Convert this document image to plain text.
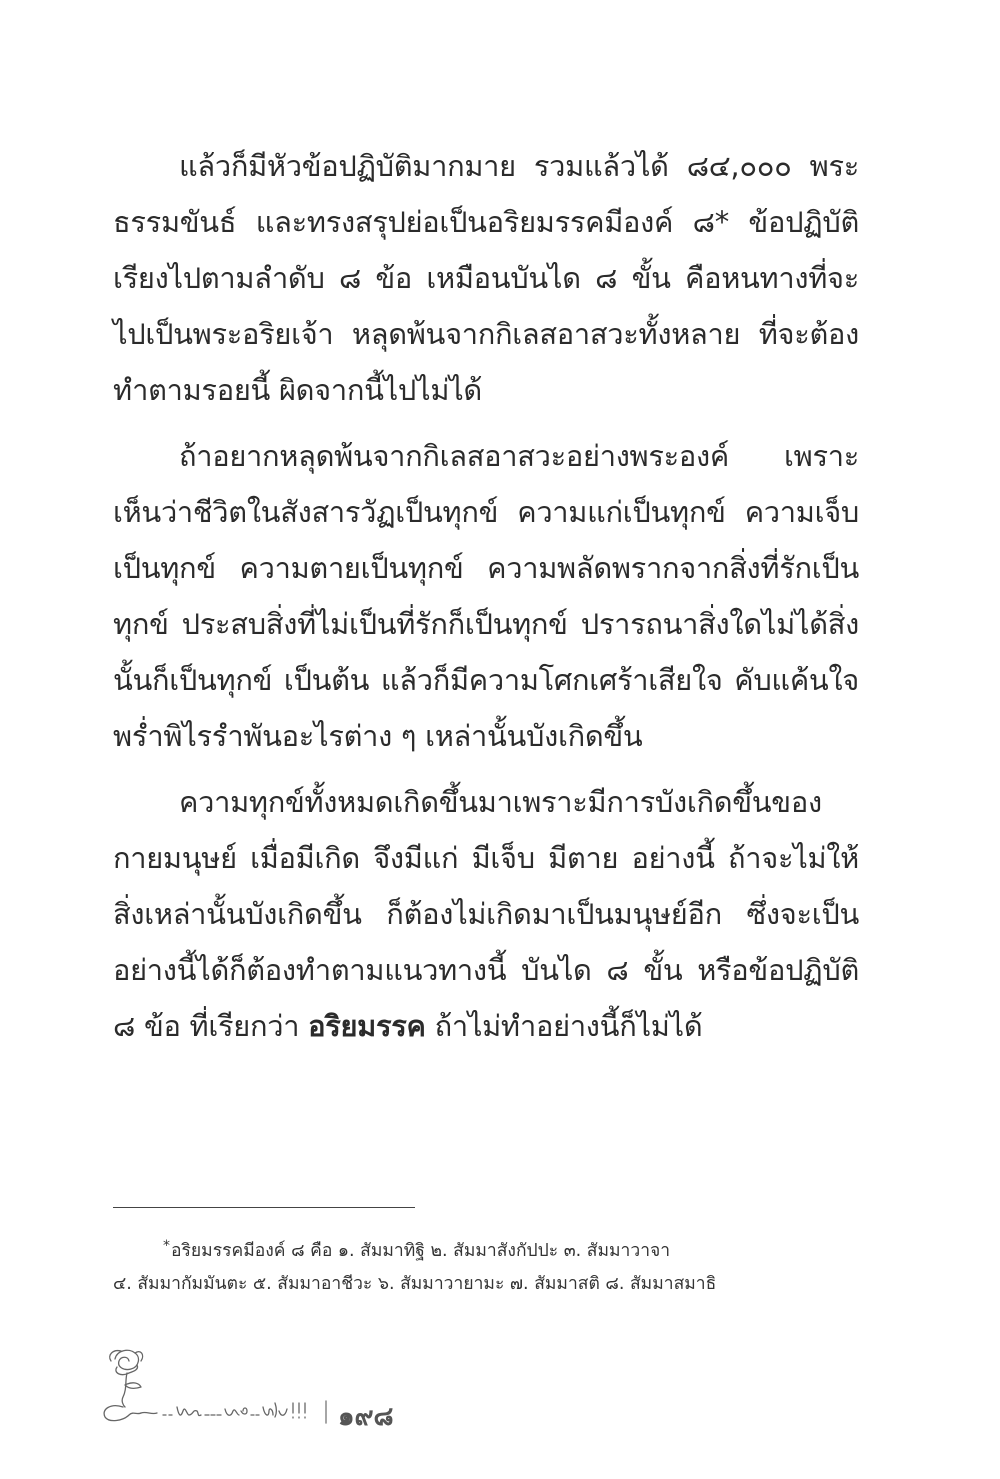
แล้วก็มีหัวข้อปฏิบัติมากมาย รวมแล้วได้ ๘๔,๐๐๐ พระ
ธรรมขันธ์ และทรงสรุปย่อเป็นอริยมรรคมีองค์ ๘* ข้อปฏิบัติ
เรียงไปตามลำดับ ๘ ข้อ เหมือนบันได ๘ ขั้น คือหนทางที่จะ
ไปเป็นพระอริยเจ้า หลุดพ้นจากกิเลสอาสวะทั้งหลาย ที่จะต้อง
ทำตามรอยนี้ ผิดจากนี้ไปไม่ได้
ถ้าอยากหลุดพ้นจากกิเลสอาสวะอย่างพระองค์ เพราะ
เห็นว่าชีวิตในสังสารวัฏเป็นทุกข์ ความแก่เป็นทุกข์ ความเจ็บ
เป็นทุกข์ ความตายเป็นทุกข์ ความพลัดพรากจากสิ่งที่รักเป็น
ทุกข์ ประสบสิ่งที่ไม่เป็นที่รักก็เป็นทุกข์ ปรารถนาสิ่งใดไม่ได้สิ่ง
นั้นก็เป็นทุกข์ เป็นต้น แล้วก็มีความโศกเศร้าเสียใจ คับแค้นใจ
พร่ำพิไรรำพันอะไรต่าง ๆ เหล่านั้นบังเกิดขึ้น
ความทุกข์ทั้งหมดเกิดขึ้นมาเพราะมีการบังเกิดขึ้นของ
กายมนุษย์ เมื่อมีเกิด จึงมีแก่ มีเจ็บ มีตาย อย่างนี้ ถ้าจะไม่ให้
สิ่งเหล่านั้นบังเกิดขึ้น ก็ต้องไม่เกิดมาเป็นมนุษย์อีก ซึ่งจะเป็น
อย่างนี้ได้ก็ต้องทำตามแนวทางนี้ บันได ๘ ขั้น หรือข้อปฏิบัติ
๘ ข้อ ที่เรียกว่า อริยมรรค ถ้าไม่ทำอย่างนี้ก็ไม่ได้
*อริยมรรคมีองค์ ๘ คือ ๑. สัมมาทิฐิ ๒. สัมมาสังกัปปะ ๓. สัมมาวาจา
๔. สัมมากัมมันตะ ๕. สัมมาอาชีวะ ๖. สัมมาวายามะ ๗. สัมมาสติ ๘. สัมมาสมาธิ
๑๙๘
